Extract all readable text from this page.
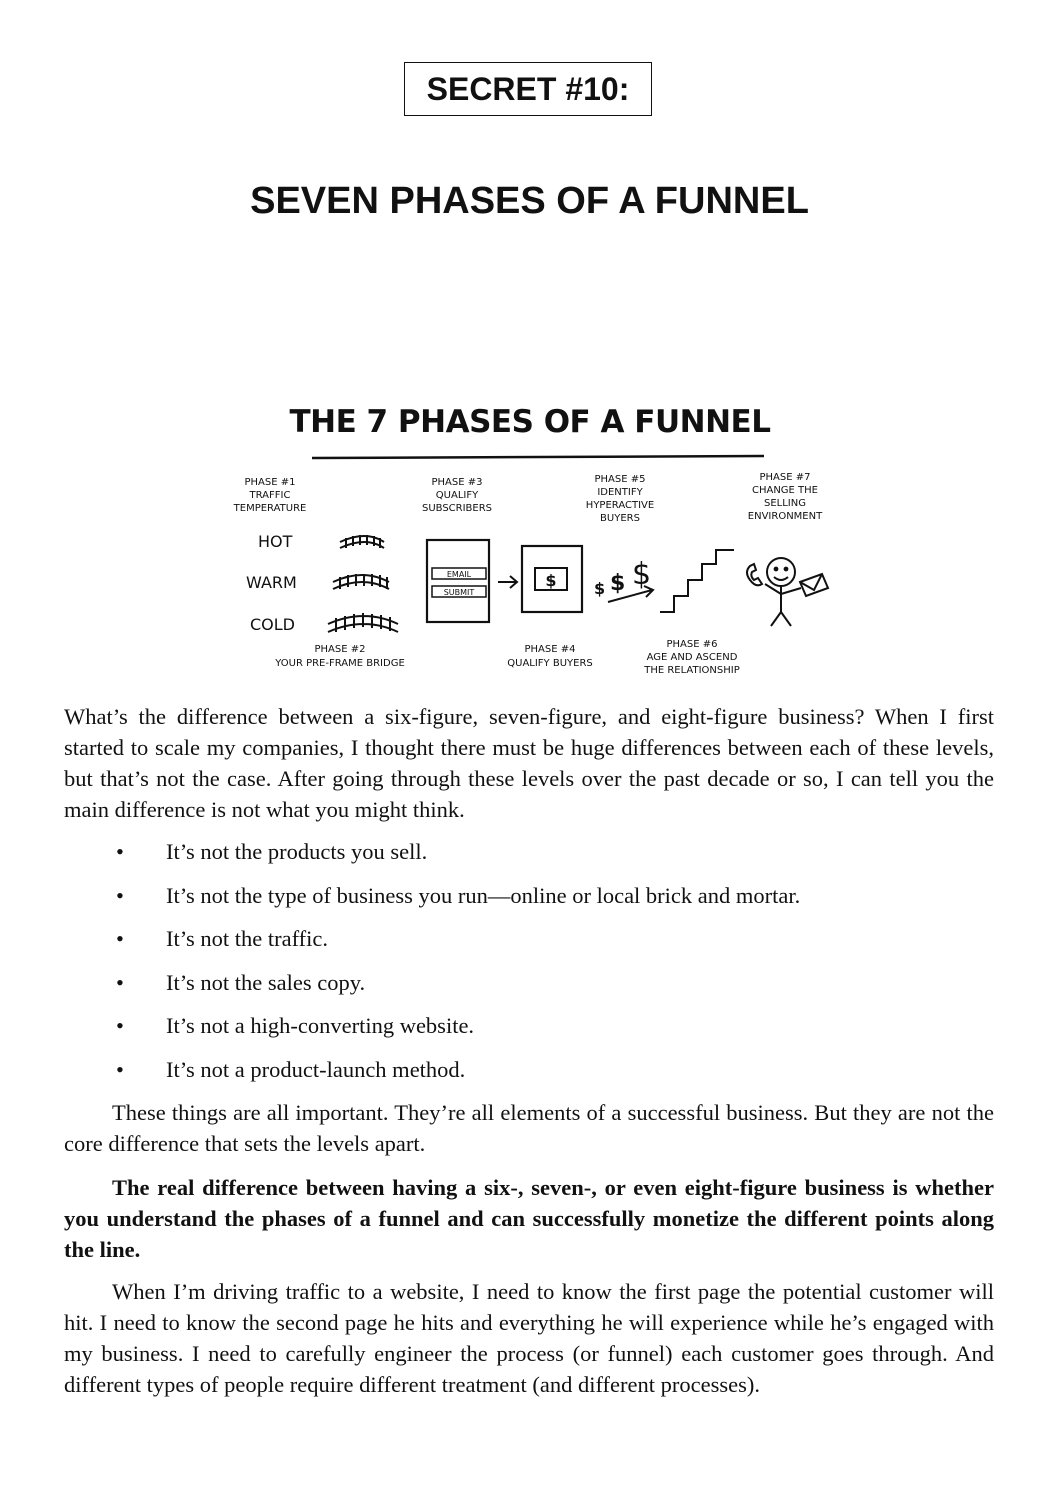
SECRET #10:
SEVEN PHASES OF A FUNNEL
THE 7 PHASES OF A FUNNEL
PHASE #1
TRAFFIC
TEMPERATURE
PHASE #3
QUALIFY
SUBSCRIBERS
PHASE #5
IDENTIFY
HYPERACTIVE
BUYERS
PHASE #7
CHANGE THE
SELLING
ENVIRONMENT
HOT
WARM
COLD
EMAIL
SUBMIT
$ $ $ $
PHASE #2
YOUR PRE-FRAME BRIDGE
PHASE #4
QUALIFY BUYERS
PHASE #6
AGE AND ASCEND
THE RELATIONSHIP

What’s the difference between a six-figure, seven-figure, and eight-figure business? When I first started to scale my companies, I thought there must be huge differences between each of these levels, but that’s not the case. After going through these levels over the past decade or so, I can tell you the main difference is not what you might think.

• It’s not the products you sell.
• It’s not the type of business you run—online or local brick and mortar.
• It’s not the traffic.
• It’s not the sales copy.
• It’s not a high-converting website.
• It’s not a product-launch method.

These things are all important. They’re all elements of a successful business. But they are not the core difference that sets the levels apart.

The real difference between having a six-, seven-, or even eight-figure business is whether you understand the phases of a funnel and can successfully monetize the different points along the line.

When I’m driving traffic to a website, I need to know the first page the potential customer will hit. I need to know the second page he hits and everything he will experience while he’s engaged with my business. I need to carefully engineer the process (or funnel) each customer goes through. And different types of people require different treatment (and different processes).
